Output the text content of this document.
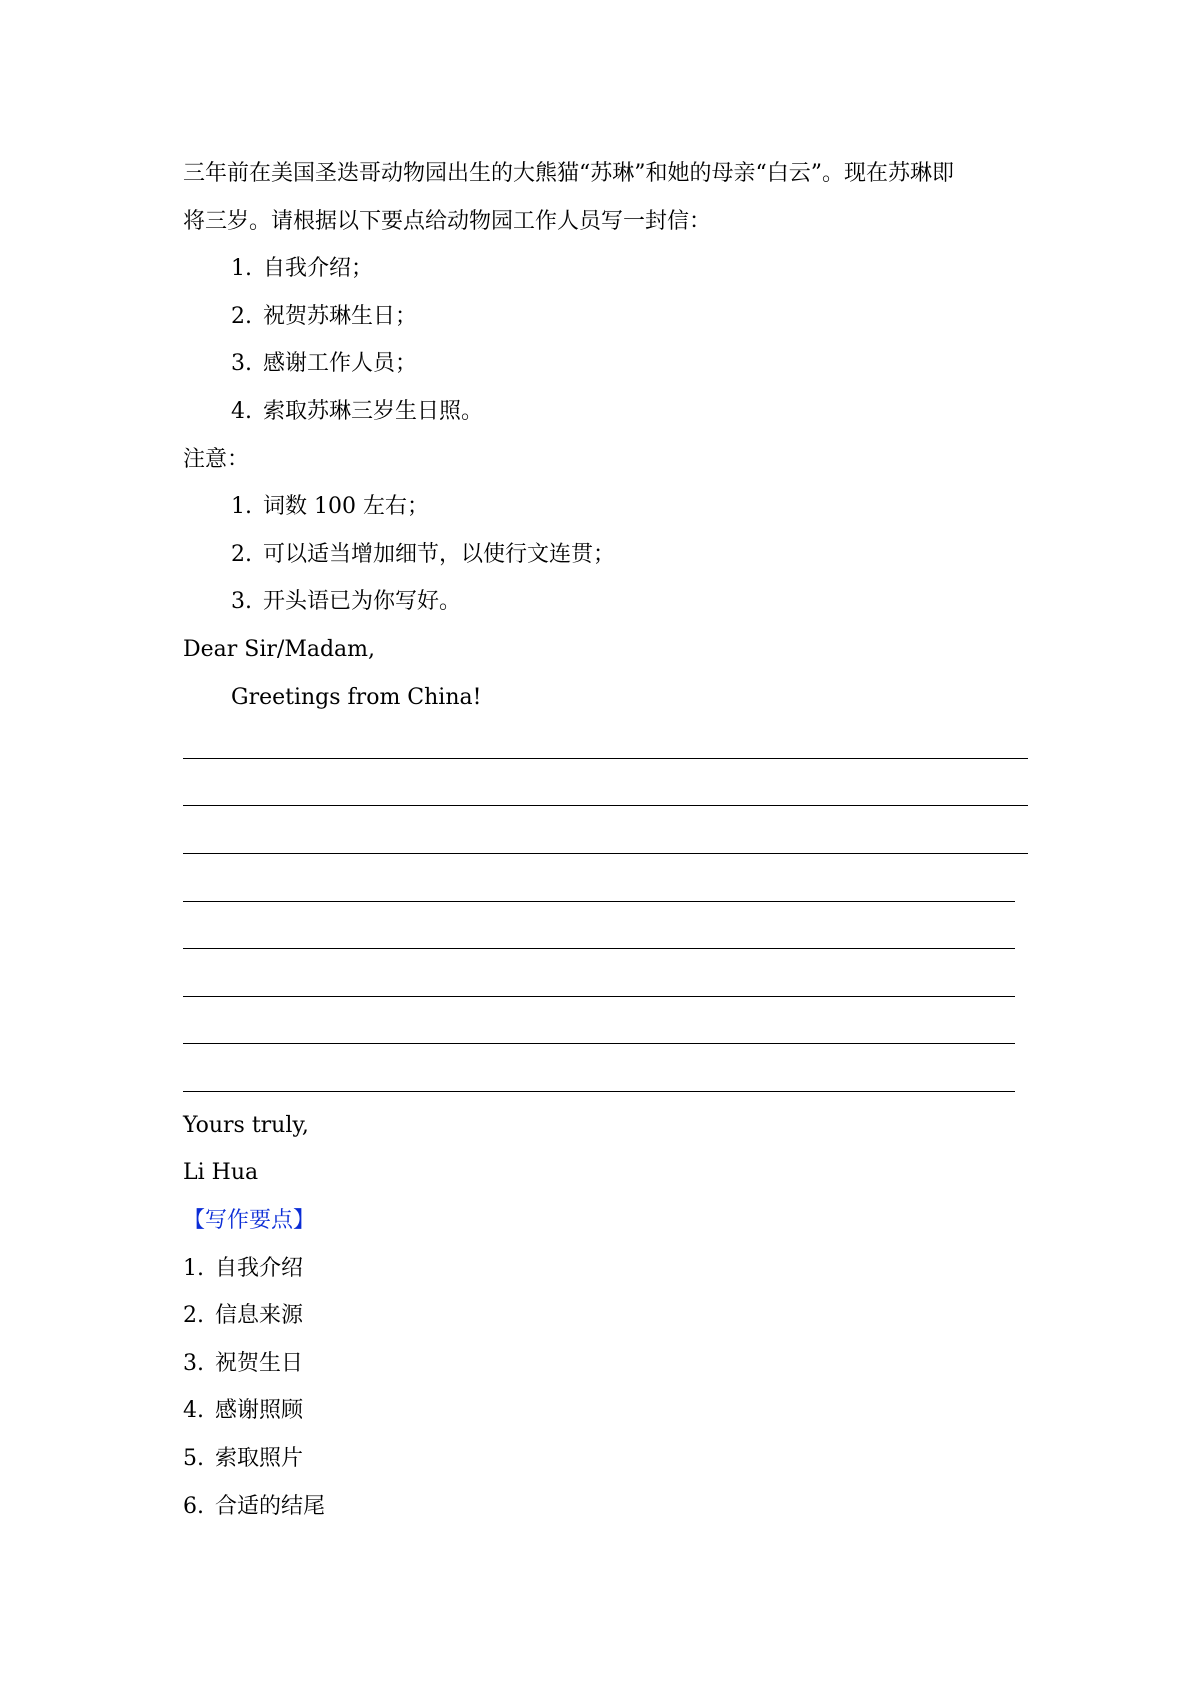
三年前在美国圣迭哥动物园出生的大熊猫“苏琳”和她的母亲“白云”。现在苏琳即
将三岁。请根据以下要点给动物园工作人员写一封信：
1. 自我介绍；
2. 祝贺苏琳生日；
3. 感谢工作人员；
4. 索取苏琳三岁生日照。
注意：
1. 词数 100 左右；
2. 可以适当增加细节，以使行文连贯；
3. 开头语已为你写好。
Dear Sir/Madam,
Greetings from China!
Yours truly,
Li Hua
【写作要点】
1. 自我介绍
2. 信息来源
3. 祝贺生日
4. 感谢照顾
5. 索取照片
6. 合适的结尾
